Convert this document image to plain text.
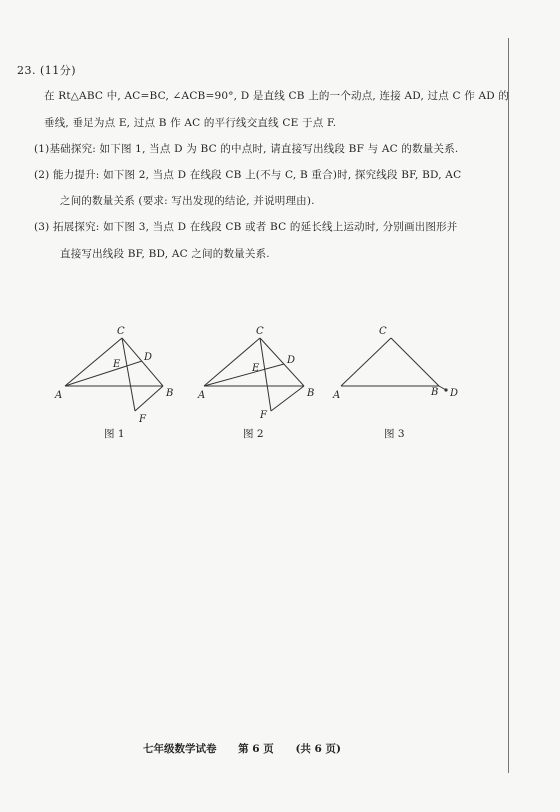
23. (11分)
在 Rt△ABC 中, AC=BC, ∠ACB=90°, D 是直线 CB 上的一个动点, 连接 AD, 过点 C 作 AD 的
垂线, 垂足为点 E, 过点 B 作 AC 的平行线交直线 CE 于点 F.
(1)基础探究: 如下图 1, 当点 D 为 BC 的中点时, 请直接写出线段 BF 与 AC 的数量关系.
(2) 能力提升: 如下图 2, 当点 D 在线段 CB 上(不与 C, B 重合)时, 探究线段 BF, BD, AC
之间的数量关系 (要求: 写出发现的结论, 并说明理由).
(3) 拓展探究: 如下图 3, 当点 D 在线段 CB 或者 BC 的延长线上运动时, 分别画出图形并
直接写出线段 BF, BD, AC 之间的数量关系.
C
D
E
A	B
F
图 1
C
D
E
A	B
F
图 2
C
A	B D
图 3
七年级数学试卷 第 6 页 (共 6 页)
